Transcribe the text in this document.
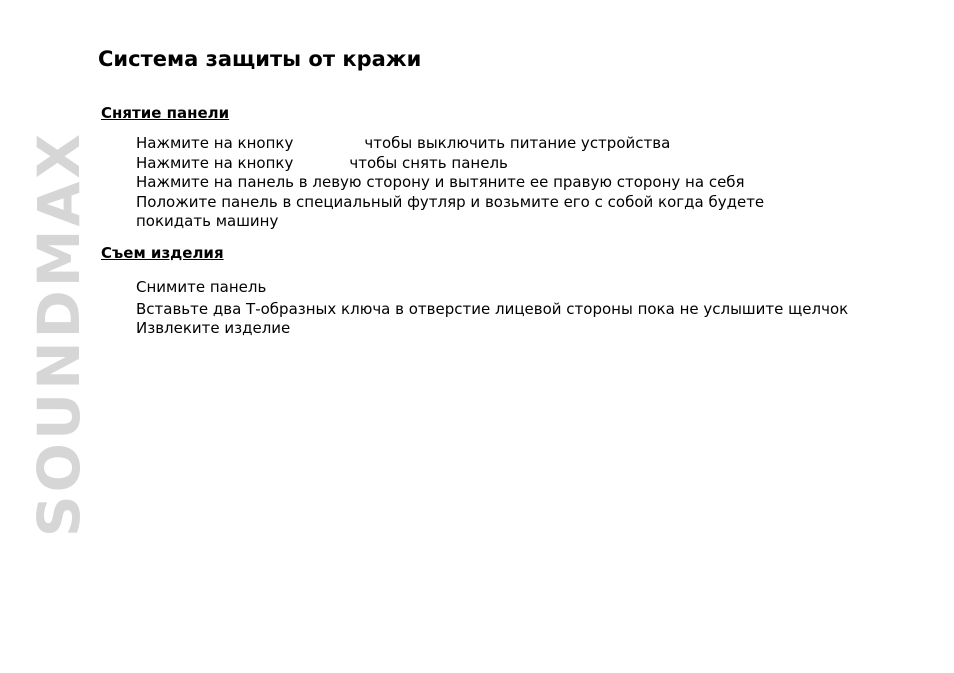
SOUNDMAX
Система защиты от кражи
Снятие панели
Нажмите на кнопку	чтобы выключить питание устройства
Нажмите на кнопку	чтобы снять панель
Нажмите на панель в левую сторону и вытяните ее правую сторону на себя
Положите панель в специальный футляр и возьмите его с собой когда будете покидать машину
Съем изделия
Снимите панель
Вставьте два Т-образных ключа в отверстие лицевой стороны пока не услышите щелчок
Извлеките изделие
